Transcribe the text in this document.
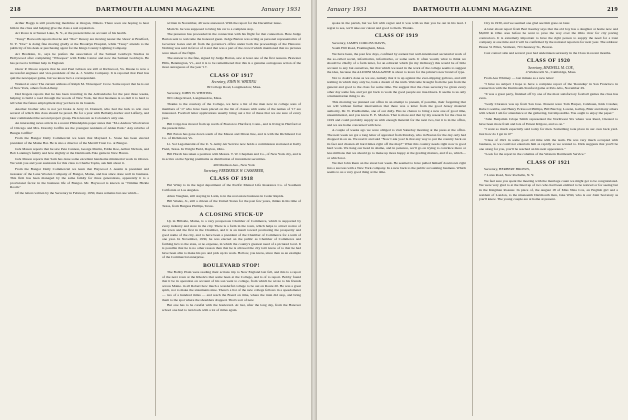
218	DARTMOUTH ALUMNI MAGAZINE	January 1931

Arthur Boggs is still practicing medicine at Oregon, Illinois. There soon are hoping to hear him in the class and helping give the class a real reputation.

Art Rowe is at Sunset Lake, N. Y., at the present time on account of his health.

"Tassy" Bosworth reports that he and "Doc" Dewey are moving nearer the 'shore' at Bradford, N. Y. "Doc" is doing fine moving gladly at the Brooklyn Hospital, while "Tassy" attends to the publicity of his desk or purchasing agent for the Kings County Lighting Company.

Art Brodklen, Jr., says he prefers the association of the Samuel Goldwyn Studios in Hollywood after completing "Whoopee" with Eddie Cantor and now the Samuel Goldwyn. He has proved a brilliant help in England.

Oscar P. Moore reports that he and Paul Gibson are still at Richwood, Va. Duane is now a successful engineer and vice-president of the A. J. Saville Company. It is reported that Paul has quit the newspaper game, but we know he's a correspondent.

Wanted at once: The current address of Ralph M. 'Davenport' Crow. Some report that he is out of New York, others from Albany.

Dad Rogers reports that he has been traveling in the Adirondacks for the past three weeks, helping to build a road through the woods of New York, but that business is so dull it is hard to tell what the future employment may yet have in its bounds.

Another brother who is not yet broke is Jerry O. Donnell, who had the luck to win over several of which this class should be proud. He for a year with Bellamy-harbor and Lafferty, and later commanded the second project group. He is known as Colorado's only one.

An interesting news article in a recent Philadelphia paper states that "M-s Andrew Woolverton of Chicago and Mrs. Dorothy Griffin are the youngest residents of Alden Park." Any relative of Bungie Griffin?

From the Bangor Daily Commercial we learn that Maynard L. Stone has been elected president of the Maine Bar. He is also a director of the Merrill Trust Co. at Bangor.

Jack Mason reports that he saw Pete Cannon, George Martin, Eddie Roe, Arthur Nichols, and Bob Lonning's family and how slightly at the Dartmouth-Yale game in New Haven.

Jack Mason reports that Sam has done some excellent handsome ministerial work in Ottawa. We wish you and your assistants for this class to Charlie Tophs, ask him about it.

From the Bangor Daily Commercial we learn that Haywood J. Austin is president and treasurer of the Lane Woolen Company of Bangor, Maine, and has since done well in business. This firm has been managed by the same family for three generations, apparently it is a provisional factor in the business life of Bangor. Mr. Haywood is known as "Timmie Hickle Room."

Of the letters written by the Secretary in February, 1930, there remains but one which...

written in November, 46 were answered. With the report for the December issue.

Main St. he was supposed to bring his car to a complete stop.

The presence has proceeded in the connection with his flight for that connection. Here Judge Barton sent to welcome the honored guest. Judge Barton was acting as personal representative of Governor Gates and all from the governor's office under both the proceedings of the Hanover. Nothing was said in favor of it and that was a part of the crowd which mentioned that no pictures were taken of the flight.

The answer to the fine, signed by Judge Barton, saw at least one of the first reasons. Brewster Hills, Bennington, Vt., and it is to be remembered that this is a genuine outrageous action of the most outrageous of the year '17.

CLASS OF 1917

Secretary, JOHN W. WHITING

99 College Road, Longmeadow, Mass.

Secretary, JOHN W. WHITING

99 College Road, Longmeadow, Mass.

Thanks to the courtesy of the College, we have a list of the men now in college sons of members of '17 who have been placed on the list of classes with some of the names of '17 are interested. Football letter applications usually bring out a list of these that we are sure of every year.

Bill Cripp has moved from up north of Boston to Hartford, Conn., and is living in Hartford at the present time.

Bill Eaton has gone down south of the Mason and Dixon line, and is with the Richmond Car Co. of Richmond, Va.

Lt. Sol Lagomarsini of the U. S. Army Air Service now holds a commission stationed at Kelly Field, Texas. In Wright Field, Dayton, Ohio.

Bill Horch has taken a position with Messrs. T. W. Chapman and Co., of New York city, and is in active on the Spring premiums as distribution of investment securities.

400 Madison Ave., New York

Secretary, FREDERICK W. CASSEBEER,

CLASS OF 1918

Hal Wiley is in the legal department of the Pacific Mutual Life Insurance Co. of Southern California at Los Angeles.

Allen Vaughan, still staying in Latin, is in the real estate business in Cedar Rapids.

Bill Weeks, Jr., still a citizen of the United States for the past few years, thinks in his time of Texas, from Burgess Phillips, Texas.

A CLOSING STICK-UP

Up in Hillside, Maine, is a very prosperous Chamber of Commerce, which is supported by every industry and store in the city. There is a farm in the town, which helps to attract notice of the town and the first in the Chamber, and it is an insult toward promoting the prosperity and good name of the city, and to have been a president of the Chamber of Commerce for a term of one year. In November, 1930, he was elected on the public as Chamber of Commerce and farthing he's to the state, at no expense, in which the county's greatest need of a pictured local. It is possible that he is no other reason than that he is allowed the city isn't know of to that he had have been able to make his pro and pick up its work. Hollow, you know, since then as an example of the Commercial enterprise.

BOULEVARD STOP!

The Bobby Plain were reading their actions trip to New England last fall, and this is a report of the next town at the Rhode's that some been at the College, and is of to report. Bobby found that it be in operation on account of his son went to college, from which he wrote to his friends across Maine. in all Robert how much a wonderful college to be out on Route 20. He was a great spirit, not to make the statements nine. There's a list of the new college fellows in a speedometer — two of a hundred miles — and reach the Board on time, where the train did stop, and bring them to the spot where the shoulders dropped. That's sort of new.

But one has to be careful with the boulevard. At last, after the long day, from the Hanover school one had to turn back with a lot of miles again.

January 1931	DARTMOUTH ALUMNI MAGAZINE	219

spoke in the parish, but we felt with regret and it was with us that you be out in his lead. I regret to see, we'll take our cutout and good to them. Thanks.

CLASS OF 1919

Secretary, JAMES CORLISS DAVIS,

South Hill Road, Framingham, Mass.

We have been, the past few days, confined by earnest but well-intentioned secretarial work of the so-called social, informative, informative, or some such. It often would, what to think we should be chiefly of a form letter, for an editorial which (in my Ordinary) this would be of little account to any but ourselves, but that which we used in the work of the college seems to suggest the idea, because the ALUMNI MAGAZINE is about to leave for the printer's new brand of type.

Not to doubt's done as we are, namely that it is up against the ever-slipping gallows, and still nothing in which may only be, bark a dream of the truth. Welcome brought from the pen from the general and good to the class for some time. We suggest that the class secretary be given every other day some fun, and yet get back to work the good people are true-bluers. It seems to us only a humanitarian thing to do.

This morning we planned our office in an attempt to present, if possible, their forgetting that we will without further intervention that there was a letter from the good Jersey material authority, Dr. N. Prudhomme, one of our daily. Has no chance to bring a new one of good time, unsentimental, and you know E. E. Maclen. That is more and that by my research for the class in 1919 and could probably supply us with enough material for the next two, but it is in the office, and we are home concerned with how.

A couple of weeks ago we were obliged to visit Saturday morning at the press at the office. The next week we got a long letter of appraisal from Pendrey, who in Boston for the day only had dropped in on us. We read it and said "Now I ask you! Is that any way to put the country back on its feet and chasten all hard times right off the map?" What this country needs right now is good hard work. We hang our head in shame, and in penance, we'll go on trying to convince more or less millions that we should go to make up more happy at the grading matters, and if so, which—or which not.

We met John Reen on the street last week. He seemed to have pulled himself downtown right into a success with a New York company. In a new back to the public accounting business. Which seems to us a very good thing at the time.

City in 1930, and we seemed one glad see him gone on later.

A later about report from Bert Keatley says that the old boy has a daughter at home now and $6,000 in Ohio area before he went to pave the way over the Ohio river for city paving contractors. It is extremely important to have the right person to supply the need for a trust company at one time and it will be confirmed by the national reporters for next year. The address: House 51 Elliot, Vermont, 79 Chauncey St., Boston.

Cast contact side and several year had undertaken seriously in the Class in recent months.

CLASS OF 1920

Secretary, MAXWELL M. COE,

4 Wadsworth St., Cambridge, Mass.

From Asa Whitney — last minute as a new letter:

"I have no subject I hope to have a complete report of the 'Roundup' in San Francisco in connection with the Dartmouth-Stanford game at Palo Alto, November 29.

"It was a great party, finished off by one of the most satisfactory football games the class has even.

"Gaily Clarence was up from San Jose. Present were Tom Harper, Calshoun, Kirk Crasher, Rube Coombe, and Henry Eckwood Phillips, Bill Barclay, Lorenz, Gallup, Blair and many others with whom I am for attendance at the gathering, but impossible. You ought to enjoy the paper."

"John Benjamin Crispe Smith represented the Northwest Six where was Reed, Cheated to have been more from and lots of Ernest Kilgore, and so on."

"I want so much especially said today for men. Something took place in our own back yard. Just how do I get in it?"

"Class of 1921 in some good old time with the team. He was very much occupied with business, so we could not entertain him as rapidly as we wanted to. Dick suggests that you'll be one along for you, you'll be reached on his next appearance."

"Look for the report in the columns of the Western Dartmouth Service."

CLASS OF 1921

Secretary, HERBERT BROWN,

7 Lotus Road, New Rochelle, N. Y.

We feel sure you spent the meeting with the marriage count we might get to be congratulated. We were very glad to at the lined up of two who had been entitled to be noticed or for seeing but in the Kingman Roaster. In place of, the August 18 of Miss Nina Cox, an English girl and a resident of London, to the nineteenth Dartmouth man, Jake Wild, who is our Joint Secretary as you'll know. The young couple are at home at present.
